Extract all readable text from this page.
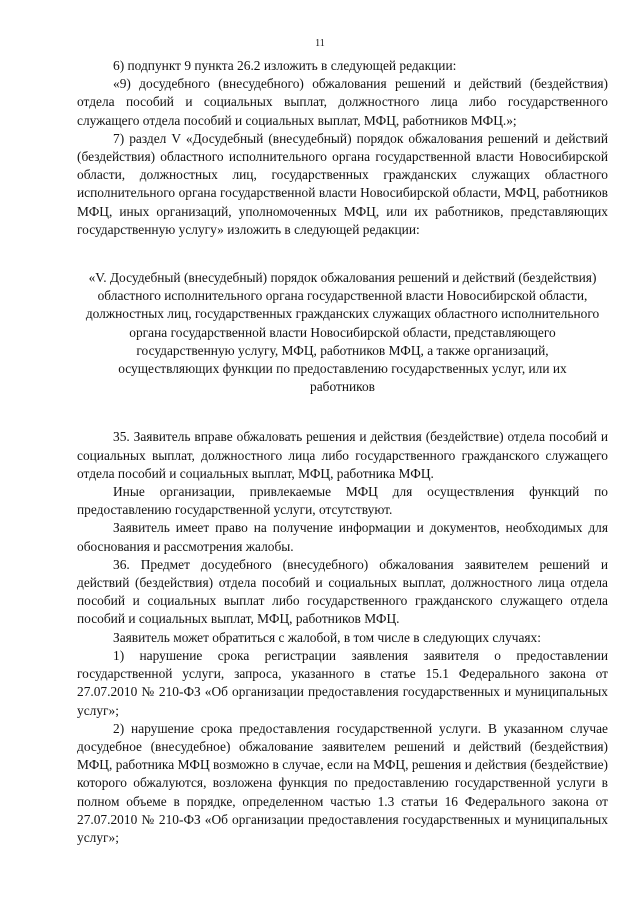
11

6) подпункт 9 пункта 26.2 изложить в следующей редакции:

«9) досудебного (внесудебного) обжалования решений и действий (бездействия) отдела пособий и социальных выплат, должностного лица либо государственного служащего отдела пособий и социальных выплат, МФЦ, работников МФЦ.»;

7) раздел V «Досудебный (внесудебный) порядок обжалования решений и действий (бездействия) областного исполнительного органа государственной власти Новосибирской области, должностных лиц, государственных гражданских служащих областного исполнительного органа государственной власти Новосибирской области, МФЦ, работников МФЦ, иных организаций, уполномоченных МФЦ, или их работников, представляющих государственную услугу» изложить в следующей редакции:

«V. Досудебный (внесудебный) порядок обжалования решений и действий (бездействия) областного исполнительного органа государственной власти Новосибирской области, должностных лиц, государственных гражданских служащих областного исполнительного органа государственной власти Новосибирской области, представляющего государственную услугу, МФЦ, работников МФЦ, а также организаций, осуществляющих функции по предоставлению государственных услуг, или их работников

35. Заявитель вправе обжаловать решения и действия (бездействие) отдела пособий и социальных выплат, должностного лица либо государственного гражданского служащего отдела пособий и социальных выплат, МФЦ, работника МФЦ.

Иные организации, привлекаемые МФЦ для осуществления функций по предоставлению государственной услуги, отсутствуют.

Заявитель имеет право на получение информации и документов, необходимых для обоснования и рассмотрения жалобы.

36. Предмет досудебного (внесудебного) обжалования заявителем решений и действий (бездействия) отдела пособий и социальных выплат, должностного лица отдела пособий и социальных выплат либо государственного гражданского служащего отдела пособий и социальных выплат, МФЦ, работников МФЦ.

Заявитель может обратиться с жалобой, в том числе в следующих случаях:

1) нарушение срока регистрации заявления заявителя о предоставлении государственной услуги, запроса, указанного в статье 15.1 Федерального закона от 27.07.2010 № 210-ФЗ «Об организации предоставления государственных и муниципальных услуг»;

2) нарушение срока предоставления государственной услуги. В указанном случае досудебное (внесудебное) обжалование заявителем решений и действий (бездействия) МФЦ, работника МФЦ возможно в случае, если на МФЦ, решения и действия (бездействие) которого обжалуются, возложена функция по предоставлению государственной услуги в полном объеме в порядке, определенном частью 1.3 статьи 16 Федерального закона от 27.07.2010 № 210-ФЗ «Об организации предоставления государственных и муниципальных услуг»;
